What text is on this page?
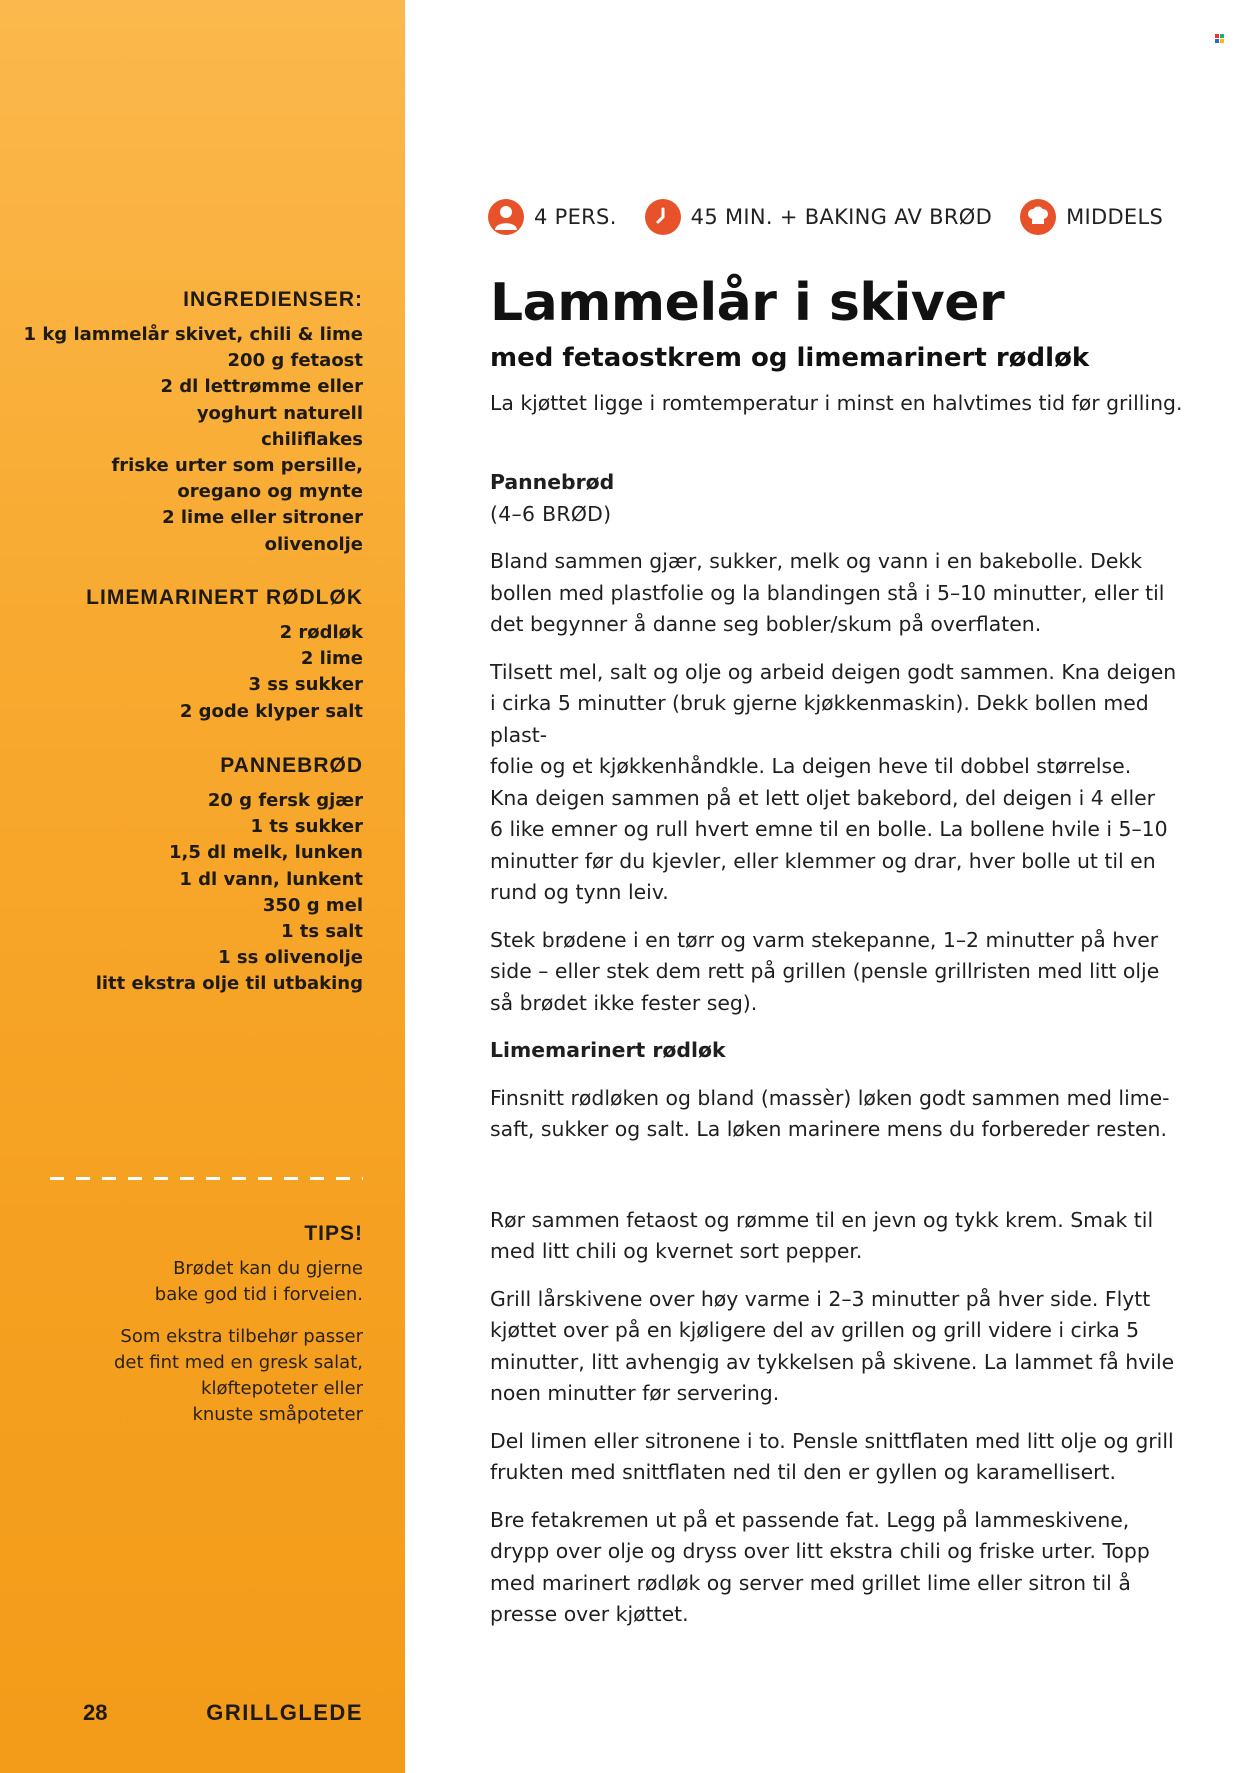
INGREDIENSER:
1 kg lammelår skivet, chili & lime
200 g fetaost
2 dl lettrømme eller
yoghurt naturell
chiliflakes
friske urter som persille,
oregano og mynte
2 lime eller sitroner
olivenolje
LIMEMARINERT RØDLØK
2 rødløk
2 lime
3 ss sukker
2 gode klyper salt
PANNEBRØD
20 g fersk gjær
1 ts sukker
1,5 dl melk, lunken
1 dl vann, lunkent
350 g mel
1 ts salt
1 ss olivenolje
litt ekstra olje til utbaking
TIPS!
Brødet kan du gjerne
bake god tid i forveien.
Som ekstra tilbehør passer
det fint med en gresk salat,
kløftepoteter eller
knuste småpoteter
28	GRILLGLEDE
4 PERS.	45 MIN. + BAKING AV BRØD	MIDDELS
Lammelår i skiver
med fetaostkrem og limemarinert rødløk

La kjøttet ligge i romtemperatur i minst en halvtimes tid før grilling.

Pannebrød
(4–6 BRØD)

Bland sammen gjær, sukker, melk og vann i en bakebolle. Dekk
bollen med plastfolie og la blandingen stå i 5–10 minutter, eller til
det begynner å danne seg bobler/skum på overflaten.

Tilsett mel, salt og olje og arbeid deigen godt sammen. Kna deigen
i cirka 5 minutter (bruk gjerne kjøkkenmaskin). Dekk bollen med
plast-
folie og et kjøkkenhåndkle. La deigen heve til dobbel størrelse.
Kna deigen sammen på et lett oljet bakebord, del deigen i 4 eller
6 like emner og rull hvert emne til en bolle. La bollene hvile i 5–10
minutter før du kjevler, eller klemmer og drar, hver bolle ut til en
rund og tynn leiv.

Stek brødene i en tørr og varm stekepanne, 1–2 minutter på hver
side – eller stek dem rett på grillen (pensle grillristen med litt olje
så brødet ikke fester seg).

Limemarinert rødløk

Finsnitt rødløken og bland (massèr) løken godt sammen med lime-
saft, sukker og salt. La løken marinere mens du forbereder resten.

Rør sammen fetaost og rømme til en jevn og tykk krem. Smak til
med litt chili og kvernet sort pepper.

Grill lårskivene over høy varme i 2–3 minutter på hver side. Flytt
kjøttet over på en kjøligere del av grillen og grill videre i cirka 5
minutter, litt avhengig av tykkelsen på skivene. La lammet få hvile
noen minutter før servering.

Del limen eller sitronene i to. Pensle snittflaten med litt olje og grill
frukten med snittflaten ned til den er gyllen og karamellisert.

Bre fetakremen ut på et passende fat. Legg på lammeskivene,
drypp over olje og dryss over litt ekstra chili og friske urter. Topp
med marinert rødløk og server med grillet lime eller sitron til å
presse over kjøttet.
